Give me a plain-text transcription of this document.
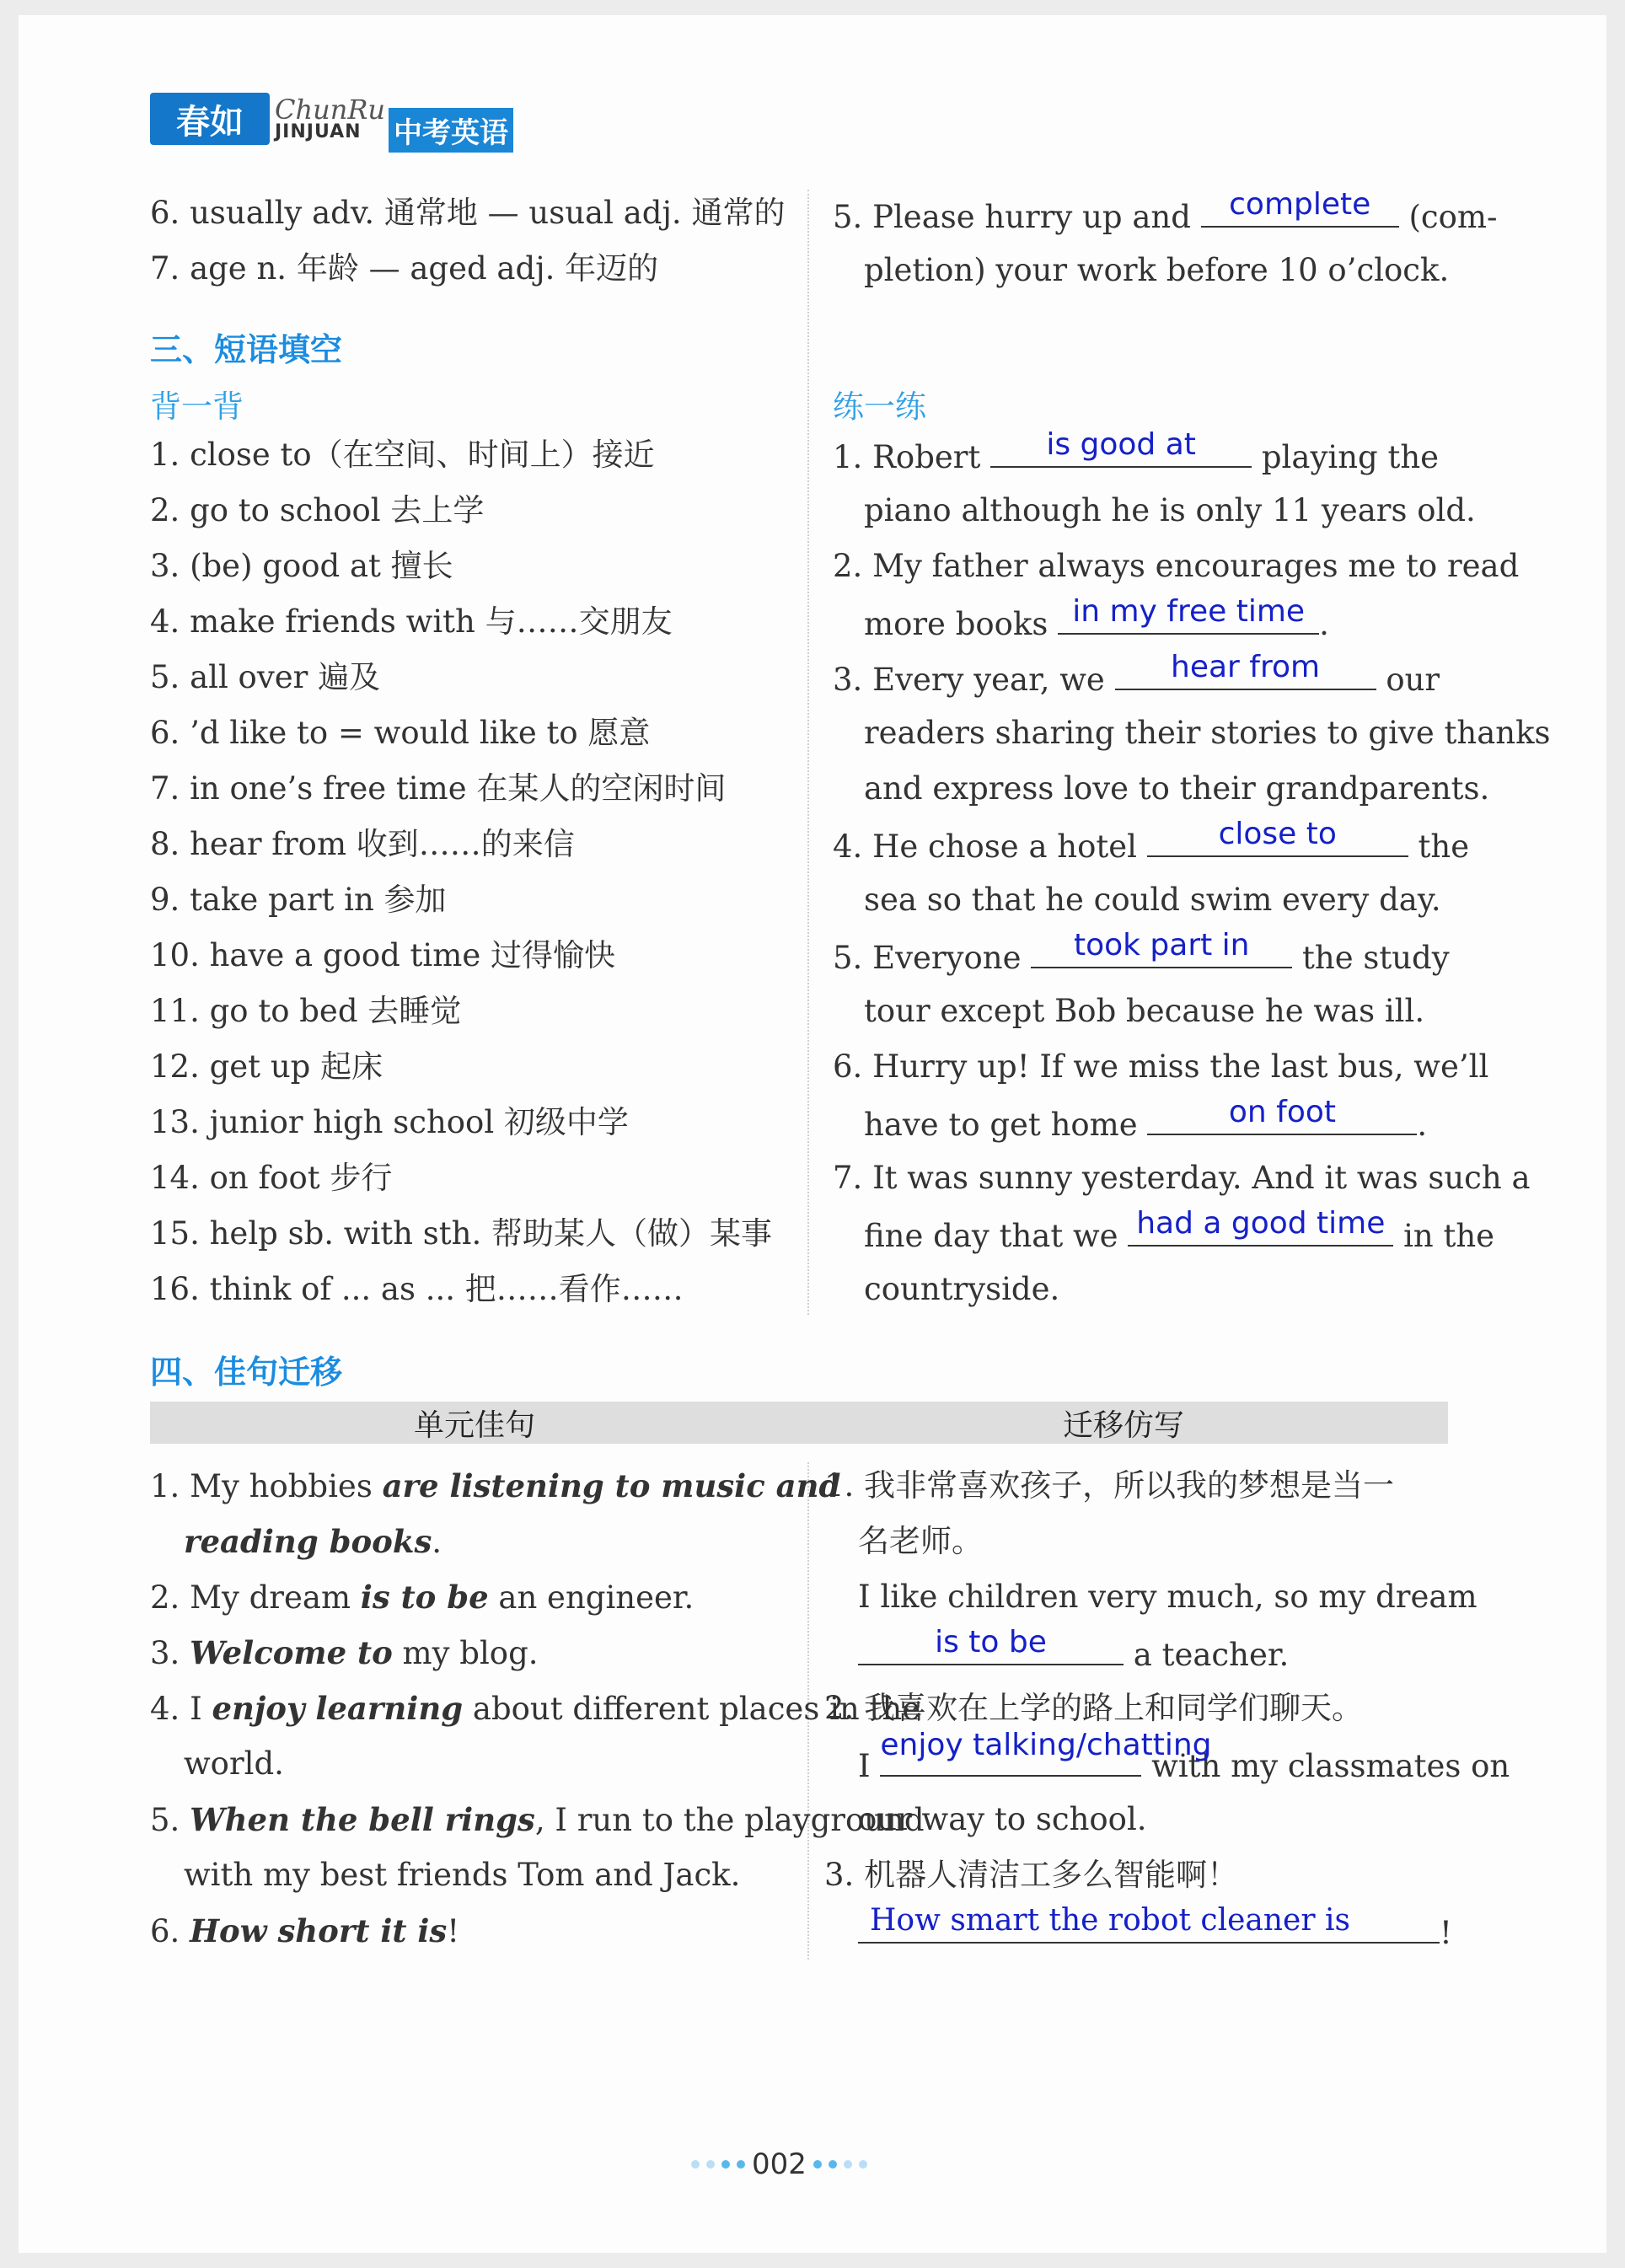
春如	ChunRu
JINJUAN	中考英语
6. usually adv. 通常地 — usual adj. 通常的
7. age n. 年龄 — aged adj. 年迈的
5. Please hurry up and	complete	(com-
pletion) your work before 10 o’clock.
三、短语填空
背一背	练一练
1. close to（在空间、时间上）接近
2. go to school 去上学
3. (be) good at 擅长
4. make friends with 与……交朋友
5. all over 遍及
6. ’d like to = would like to 愿意
7. in one’s free time 在某人的空闲时间
8. hear from 收到……的来信
9. take part in 参加
10. have a good time 过得愉快
11. go to bed 去睡觉
12. get up 起床
13. junior high school 初级中学
14. on foot 步行
15. help sb. with sth. 帮助某人（做）某事
16. think of ... as ... 把……看作……
1. Robert	is good at	playing the
piano although he is only 11 years old.
2. My father always encourages me to read
more books in my free time .
3. Every year, we	hear from	our
readers sharing their stories to give thanks
and express love to their grandparents.
4. He chose a hotel	close to	the
sea so that he could swim every day.
5. Everyone	took part in	the study
tour except Bob because he was ill.
6. Hurry up! If we miss the last bus, we’ll
have to get home	on foot	.
7. It was sunny yesterday. And it was such a
fine day that we had a good time in the
countryside.
四、佳句迁移
单元佳句	迁移仿写
1. My hobbies are listening to music and
reading books.
2. My dream is to be an engineer.
3. Welcome to my blog.
4. I enjoy learning about different places in the
world.
5. When the bell rings, I run to the playground
with my best friends Tom and Jack.
6. How short it is!
1. 我非常喜欢孩子，所以我的梦想是当一
名老师。
I like children very much, so my dream
is to be	a teacher.
2. 我喜欢在上学的路上和同学们聊天。
I
enjoy talking/chatting
with my classmates on
our way to school.
3. 机器人清洁工多么智能啊！
How smart the robot cleaner is	!
002
